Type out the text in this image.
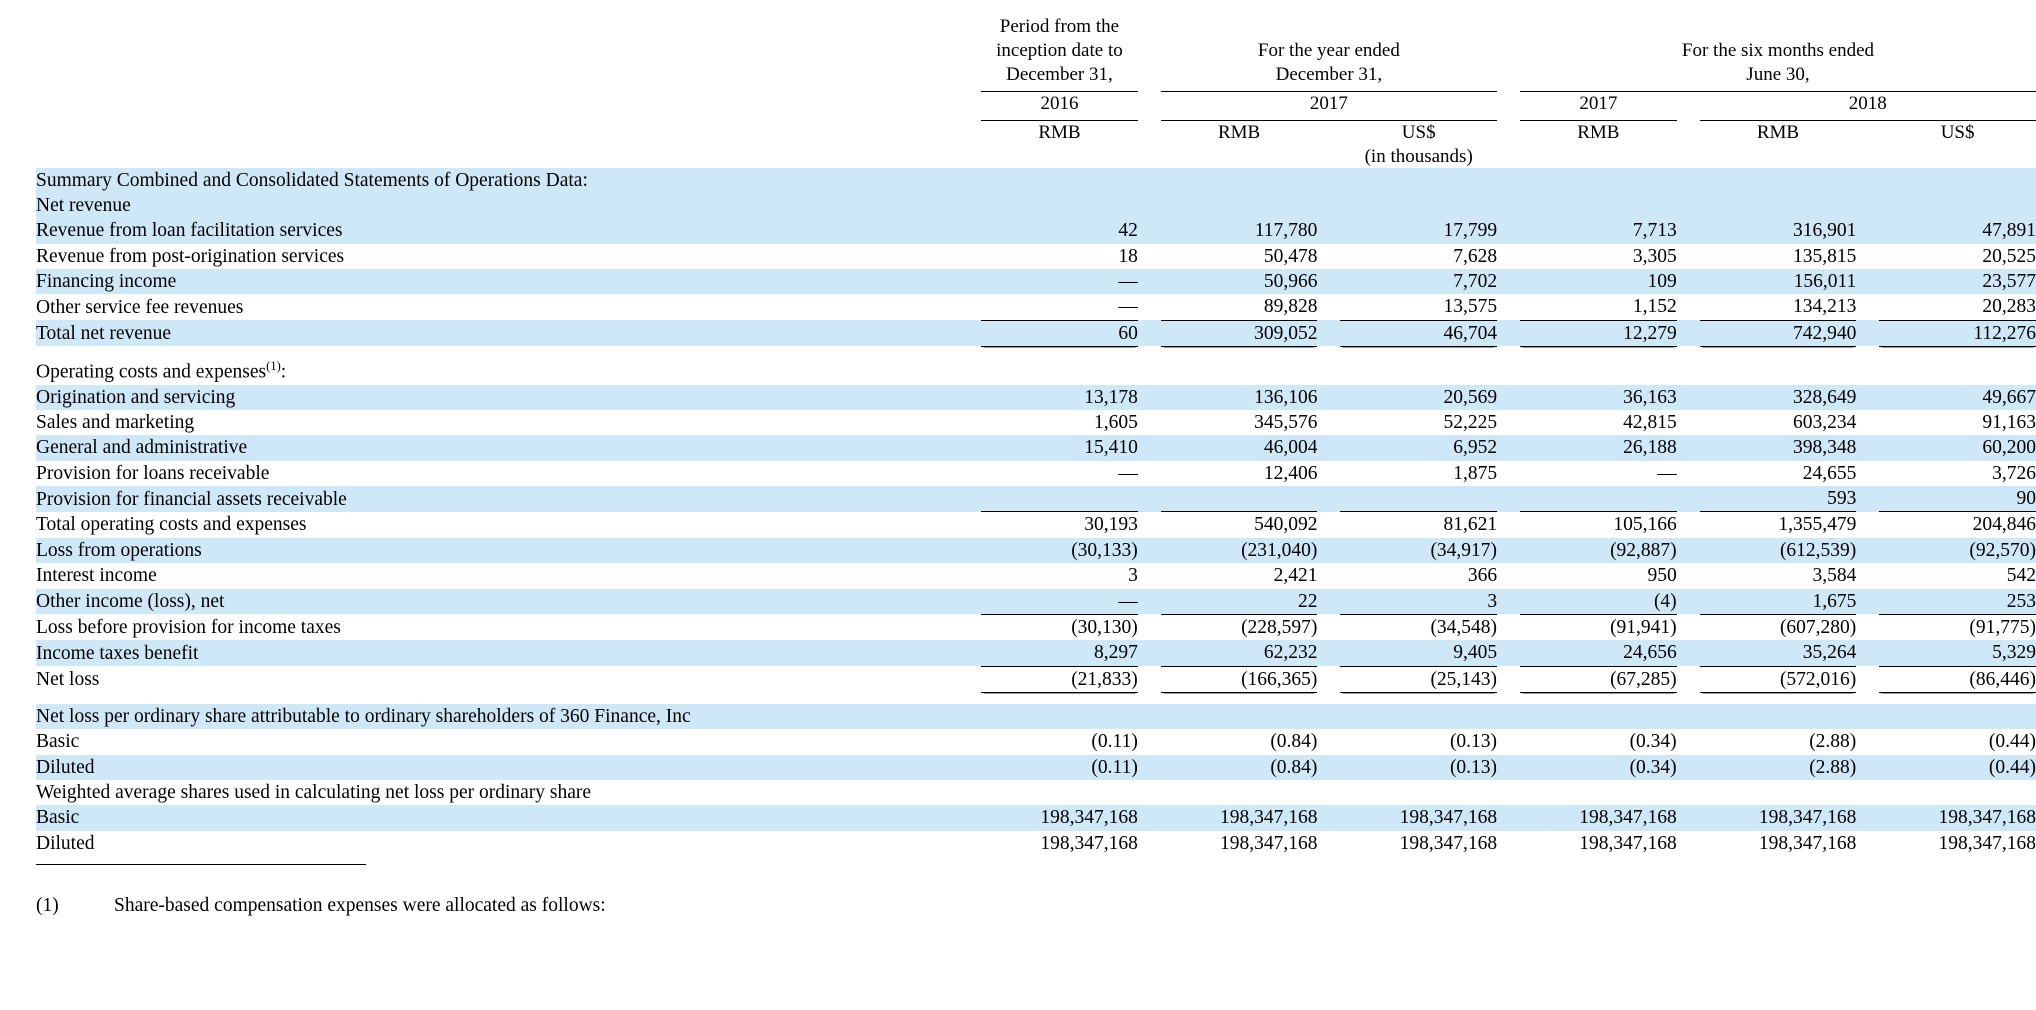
Period from the
inception date to
December 31,

For the year ended
December 31,

For the six months ended
June 30,

	2016		2017				2017		2018			

	RMB		RMB		US$		RMB		RMB		US$	
			(in thousands)									
Summary Combined and Consolidated Statements of Operations Data:												
Net revenue												
Revenue from loan facilitation services	42		117,780		17,799		7,713		316,901		47,891	
Revenue from post-origination services	18		50,478		7,628		3,305		135,815		20,525	
Financing income	—		50,966		7,702		109		156,011		23,577	
Other service fee revenues	—		89,828		13,575		1,152		134,213		20,283	
Total net revenue	60		309,052		46,704		12,279		742,940		112,276	

Operating costs and expenses$^{(1)}$:												
Origination and servicing	13,178		136,106		20,569		36,163		328,649		49,667	
Sales and marketing	1,605		345,576		52,225		42,815		603,234		91,163	
General and administrative	15,410		46,004		6,952		26,188		398,348		60,200	
Provision for loans receivable	—		12,406		1,875		—		24,655		3,726	
Provision for financial assets receivable									593		90	
Total operating costs and expenses	30,193		540,092		81,621		105,166		1,355,479		204,846	
Loss from operations	(30,133)		(231,040)		(34,917)		(92,887)		(612,539)		(92,570)	
Interest income	3		2,421		366		950		3,584		542	
Other income (loss), net	—		22		3		(4)		1,675		253	
Loss before provision for income taxes	(30,130)		(228,597)		(34,548)		(91,941)		(607,280)		(91,775)	
Income taxes benefit	8,297		62,232		9,405		24,656		35,264		5,329	
Net loss	(21,833)		(166,365)		(25,143)		(67,285)		(572,016)		(86,446)	

Net loss per ordinary share attributable to ordinary shareholders of 360 Finance, Inc												
Basic	(0.11)		(0.84)		(0.13)		(0.34)		(2.88)		(0.44)	
Diluted	(0.11)		(0.84)		(0.13)		(0.34)		(2.88)		(0.44)	
Weighted average shares used in calculating net loss per ordinary share												
Basic	198,347,168		198,347,168		198,347,168		198,347,168		198,347,168		198,347,168	
Diluted	198,347,168		198,347,168		198,347,168		198,347,168		198,347,168		198,347,168	
(1)	Share-based compensation expenses were allocated as follows:
